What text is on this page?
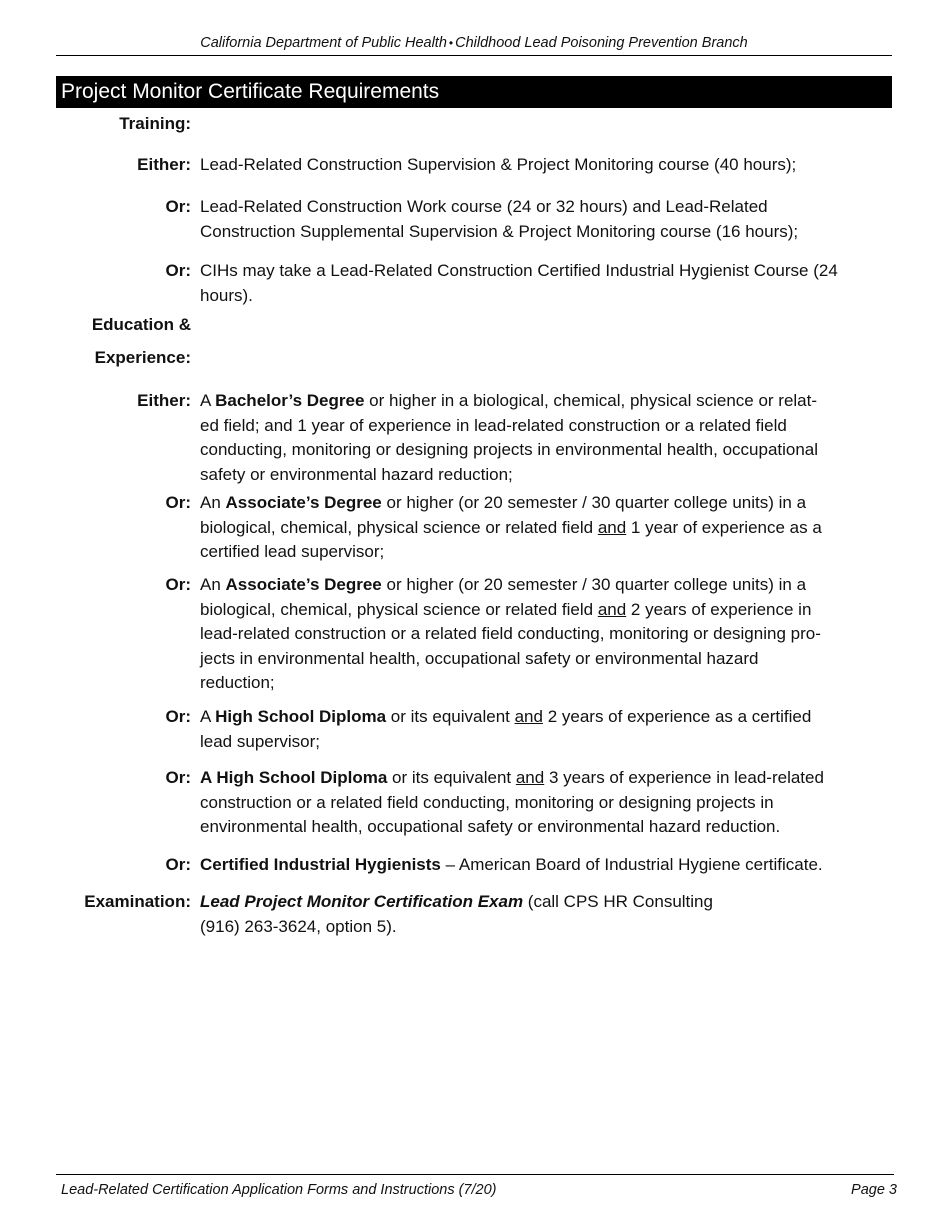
California Department of Public Health • Childhood Lead Poisoning Prevention Branch
Project Monitor Certificate Requirements
Training:
Either: Lead-Related Construction Supervision & Project Monitoring course (40 hours);
Or: Lead-Related Construction Work course (24 or 32 hours) and Lead-Related Construction Supplemental Supervision & Project Monitoring course (16 hours);
Or: CIHs may take a Lead-Related Construction Certified Industrial Hygienist Course (24 hours).
Education &
Experience:
Either: A Bachelor’s Degree or higher in a biological, chemical, physical science or relat-
ed field; and 1 year of experience in lead-related construction or a related field
conducting, monitoring or designing projects in environmental health, occupational
safety or environmental hazard reduction;
Or: An Associate’s Degree or higher (or 20 semester / 30 quarter college units) in a
biological, chemical, physical science or related field and 1 year of experience as a
certified lead supervisor;
Or: An Associate’s Degree or higher (or 20 semester / 30 quarter college units) in a
biological, chemical, physical science or related field and 2 years of experience in
lead-related construction or a related field conducting, monitoring or designing pro-
jects in environmental health, occupational safety or environmental hazard
reduction;
Or: A High School Diploma or its equivalent and 2 years of experience as a certified
lead supervisor;
Or: A High School Diploma or its equivalent and 3 years of experience in lead-related
construction or a related field conducting, monitoring or designing projects in
environmental health, occupational safety or environmental hazard reduction.
Or: Certified Industrial Hygienists – American Board of Industrial Hygiene certificate.
Examination: Lead Project Monitor Certification Exam (call CPS HR Consulting
(916) 263-3624, option 5).
Lead-Related Certification Application Forms and Instructions (7/20)	Page 3
